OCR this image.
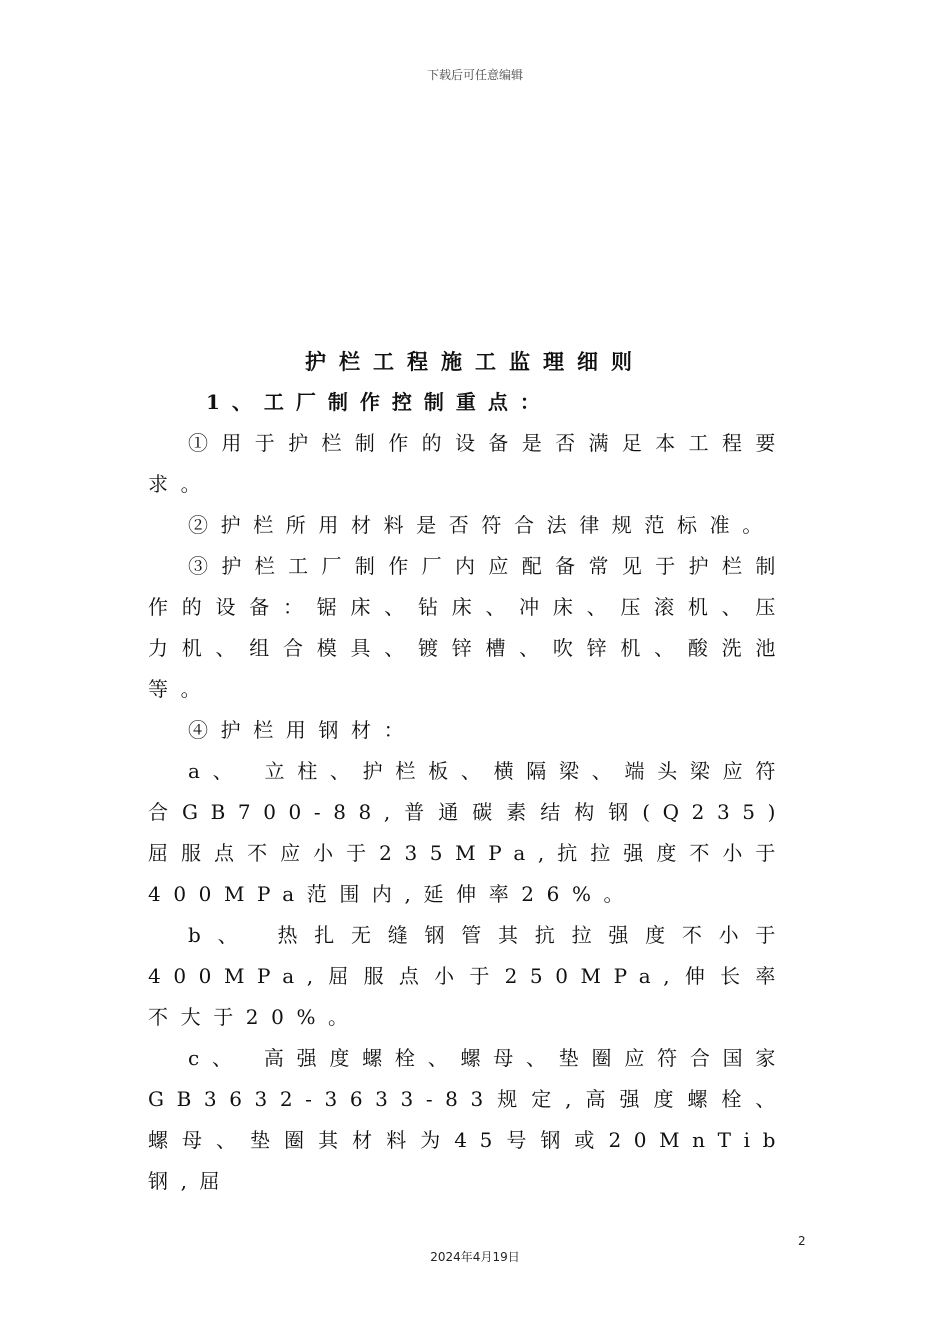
下载后可任意编辑
护栏工程施工监理细则

1、工厂制作控制重点：

①用于护栏制作的设备是否满足本工程要求。

②护栏所用材料是否符合法律规范标准。

③护栏工厂制作厂内应配备常见于护栏制作的设备：锯床、钻床、冲床、压滚机、压力机、组合模具、镀锌槽、吹锌机、酸洗池等。

④护栏用钢材：

a、 立柱、护栏板、横隔梁、端头梁应符合GB700-88,普通碳素结构钢(Q235)屈服点不应小于235MPa,抗拉强度不小于400MPa范围内,延伸率26%。

b、 热扎无缝钢管其抗拉强度不小于400MPa,屈服点小于250MPa,伸长率不大于20%。

c、 高强度螺栓、螺母、垫圈应符合国家GB3632-3633-83规定,高强度螺栓、螺母、垫圈其材料为45号钢或20MnTib钢,屈

2
2024年4月19日
